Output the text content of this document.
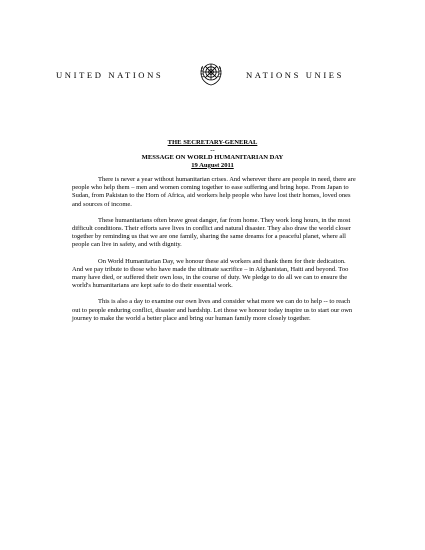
UNITED NATIONS	NATIONS UNIES
THE SECRETARY-GENERAL
--
MESSAGE ON WORLD HUMANITARIAN DAY
19 August 2011

There is never a year without humanitarian crises. And wherever there are people in need, there are people who help them – men and women coming together to ease suffering and bring hope. From Japan to Sudan, from Pakistan to the Horn of Africa, aid workers help people who have lost their homes, loved ones and sources of income.

These humanitarians often brave great danger, far from home. They work long hours, in the most difficult conditions. Their efforts save lives in conflict and natural disaster. They also draw the world closer together by reminding us that we are one family, sharing the same dreams for a peaceful planet, where all people can live in safety, and with dignity.

On World Humanitarian Day, we honour these aid workers and thank them for their dedication. And we pay tribute to those who have made the ultimate sacrifice – in Afghanistan, Haiti and beyond. Too many have died, or suffered their own loss, in the course of duty. We pledge to do all we can to ensure the world's humanitarians are kept safe to do their essential work.

This is also a day to examine our own lives and consider what more we can do to help -- to reach out to people enduring conflict, disaster and hardship. Let those we honour today inspire us to start our own journey to make the world a better place and bring our human family more closely together.
